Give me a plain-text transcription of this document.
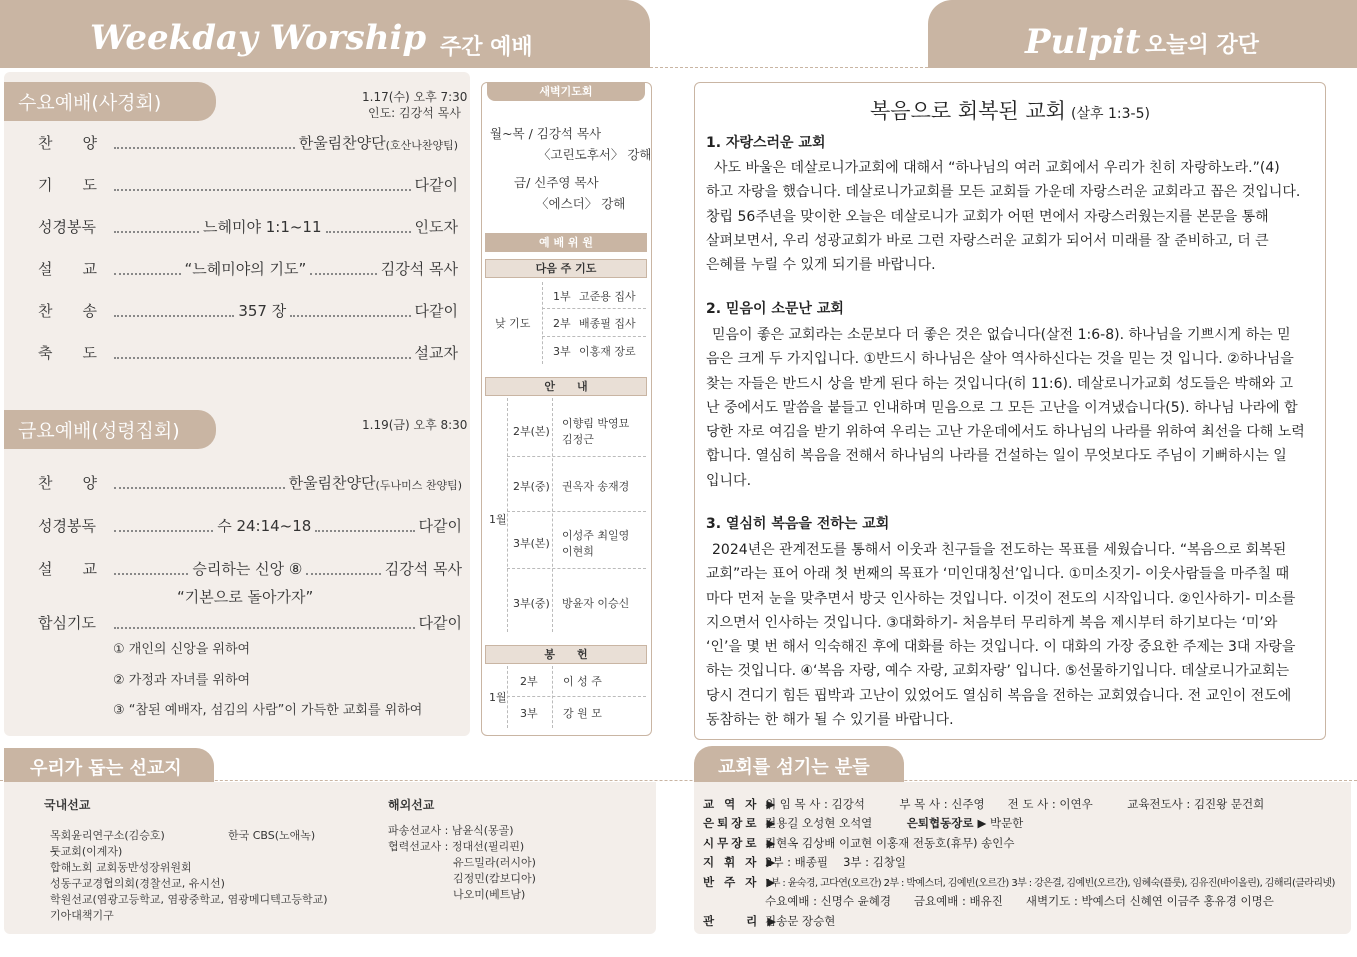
Weekday Worship 주간 예배	Pulpit 오늘의 강단
수요예배(사경회)	1.17(수) 오후 7:30
인도: 김강석 목사
찬　　양	한울림찬양단 (호산나찬양팀)
기　　도	다같이
성경봉독	느헤미야 1:1~11	인도자
설　　교	“느헤미야의 기도”	김강석 목사
찬　　송	357 장	다같이
축　　도	설교자
금요예배(성령집회)	1.19(금) 오후 8:30
찬　　양	한울림찬양단 (두나미스 찬양팀)
성경봉독	수 24:14~18	다같이
설　　교	승리하는 신앙 ⑧	김강석 목사
“기본으로 돌아가자”
합심기도	다같이
① 개인의 신앙을 위하여
② 가정과 자녀를 위하여
③ “참된 예배자, 섬김의 사람”이 가득한 교회를 위하여
새벽기도회
월~목 / 김강석 목사
〈고린도후서〉 강해
금/ 신주영 목사
〈에스더〉 강해
예 배 위 원
다음 주 기도
낮 기도
1부 고준용 집사
2부 배종필 집사
3부 이홍재 장로
안　　내
1월
2부(본)
이향림 박영묘
김정근
2부(중) 권옥자 송재경
3부(본)
이성주 최일영
이현희
3부(중) 방윤자 이승신
봉　　헌
1월
2부 이 성 주
3부 강 원 모
복음으로 회복된 교회 (살후 1:3-5)
1. 자랑스러운 교회
사도 바울은 데살로니가교회에 대해서 “하나님의 여러 교회에서 우리가 친히 자랑하노라.”(4)
하고 자랑을 했습니다. 데살로니가교회를 모든 교회들 가운데 자랑스러운 교회라고 꼽은 것입니다.
창립 56주년을 맞이한 오늘은 데살로니가 교회가 어떤 면에서 자랑스러웠는지를 본문을 통해
살펴보면서, 우리 성광교회가 바로 그런 자랑스러운 교회가 되어서 미래를 잘 준비하고, 더 큰
은혜를 누릴 수 있게 되기를 바랍니다.
2. 믿음이 소문난 교회
믿음이 좋은 교회라는 소문보다 더 좋은 것은 없습니다(살전 1:6-8). 하나님을 기쁘시게 하는 믿
음은 크게 두 가지입니다. ①반드시 하나님은 살아 역사하신다는 것을 믿는 것 입니다. ②하나님을
찾는 자들은 반드시 상을 받게 된다 하는 것입니다(히 11:6). 데살로니가교회 성도들은 박해와 고
난 중에서도 말씀을 붙들고 인내하며 믿음으로 그 모든 고난을 이겨냈습니다(5). 하나님 나라에 합
당한 자로 여김을 받기 위하여 우리는 고난 가운데에서도 하나님의 나라를 위하여 최선을 다해 노력
합니다. 열심히 복음을 전해서 하나님의 나라를 건설하는 일이 무엇보다도 주님이 기뻐하시는 일
입니다.
3. 열심히 복음을 전하는 교회
2024년은 관계전도를 통해서 이웃과 친구들을 전도하는 목표를 세웠습니다. “복음으로 회복된
교회”라는 표어 아래 첫 번째의 목표가 ‘미인대칭선’입니다. ①미소짓기- 이웃사람들을 마주칠 때
마다 먼저 눈을 맞추면서 방긋 인사하는 것입니다. 이것이 전도의 시작입니다. ②인사하기- 미소를
지으면서 인사하는 것입니다. ③대화하기- 처음부터 무리하게 복음 제시부터 하기보다는 ‘미’와
‘인’을 몇 번 해서 익숙해진 후에 대화를 하는 것입니다. 이 대화의 가장 중요한 주제는 3대 자랑을
하는 것입니다. ④‘복음 자랑, 예수 자랑, 교회자랑’ 입니다. ⑤선물하기입니다. 데살로니가교회는
당시 견디기 힘든 핍박과 고난이 있었어도 열심히 복음을 전하는 교회였습니다. 전 교인이 전도에
동참하는 한 해가 될 수 있기를 바랍니다.
우리가 돕는 선교지
국내선교
목회윤리연구소(김승호)	한국 CBS(노애녹)
툿교회(이계자)
합해노회 교회동반성장위원회
성동구교경협의회(경찰선교, 유시선)
학원선교(염광고등학교, 염광중학교, 염광메디텍고등학교)
기아대책기구
해외선교
파송선교사 : 남윤식(몽골)
협력선교사 : 정대선(필리핀)
유드밀라(러시아)
김정민(캄보디아)
나오미(베트남)
교회를 섬기는 분들
교 역 자 ▶위 임 목 사 : 김강석　　　부 목 사 : 신주영　　전 도 사 : 이연우　　　교육전도사 : 김진왕 문건희
은퇴장로 ▶전용길 오성현 오석열　　　은퇴협동장로 ▶ 박문한
시무장로 ▶김현옥 김상배 이교현 이홍재 전동호(휴무) 송인수
지 휘 자 ▶2부 : 배종필　 3부 : 김창일
반 주 자 ▶1부 : 윤숙경, 고다연(오르간) 2부 : 박예스더, 김예빈(오르간) 3부 : 강은결, 김예빈(오르간), 임혜숙(플룻), 김유진(바이올린), 김해리(클라리넷)
수요예배 : 신명수 윤혜경　　금요예배 : 배유진　　새벽기도 : 박예스더 신혜연 이금주 홍유경 이명은
관　　리 ▶김송문 장승현
